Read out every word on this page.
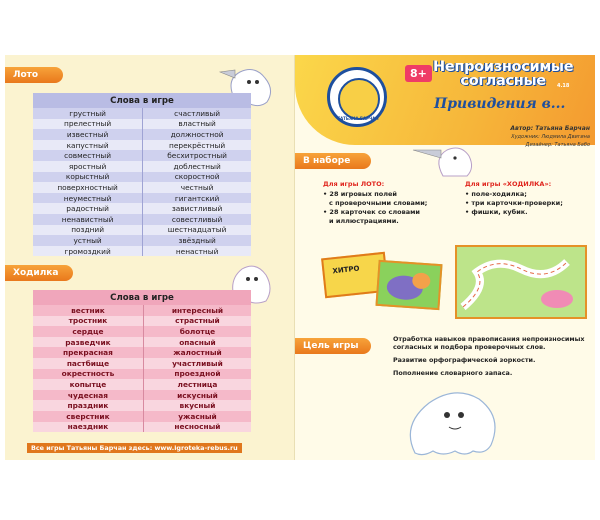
Лото
Слова в игре	
грустный	счастливый
прелестный	властный
известный	должностной
капустный	перекрёстный
совместный	бесхитростный
яростный	доблестный
корыстный	скоростной
поверхностный	честный
неуместный	гигантский
радостный	завистливый
ненавистный	совестливый
поздний	шестнадцатый
устный	звёздный
громоздкий	ненастный
Ходилка
Слова в игре	
вестник	интересный
тростник	страстный
сердце	болотце
разведчик	опасный
прекрасная	жалостный
пастбище	участливый
окрестность	проездной
копытце	лестница
чудесная	искусный
праздник	вкусный
сверстник	ужасный
наездник	несносный
Все игры Татьяны Барчан здесь: www.igroteka-rebus.ru
ТАТЬЯНА БАРЧАН
8+ Непроизносимые
согласные	4.18
Привидения в...
Автор: Татьяна Барчан
Художник: Людмила Двигина
Дизайнер: Татьяна Бабо
В наборе
Для игры ЛОТО:
• 28 игровых полей
с проверочными словами;
• 28 карточек со словами
и иллюстрациями.
Для игры «ХОДИЛКА»:
• поле-ходилка;
• три карточки-проверки;
• фишки, кубик.
ХИТРО
Цель игры

Отработка навыков правописания непроизносимых согласных и подбора проверочных слов.

Развитие орфографической зоркости.

Пополнение словарного запаса.
